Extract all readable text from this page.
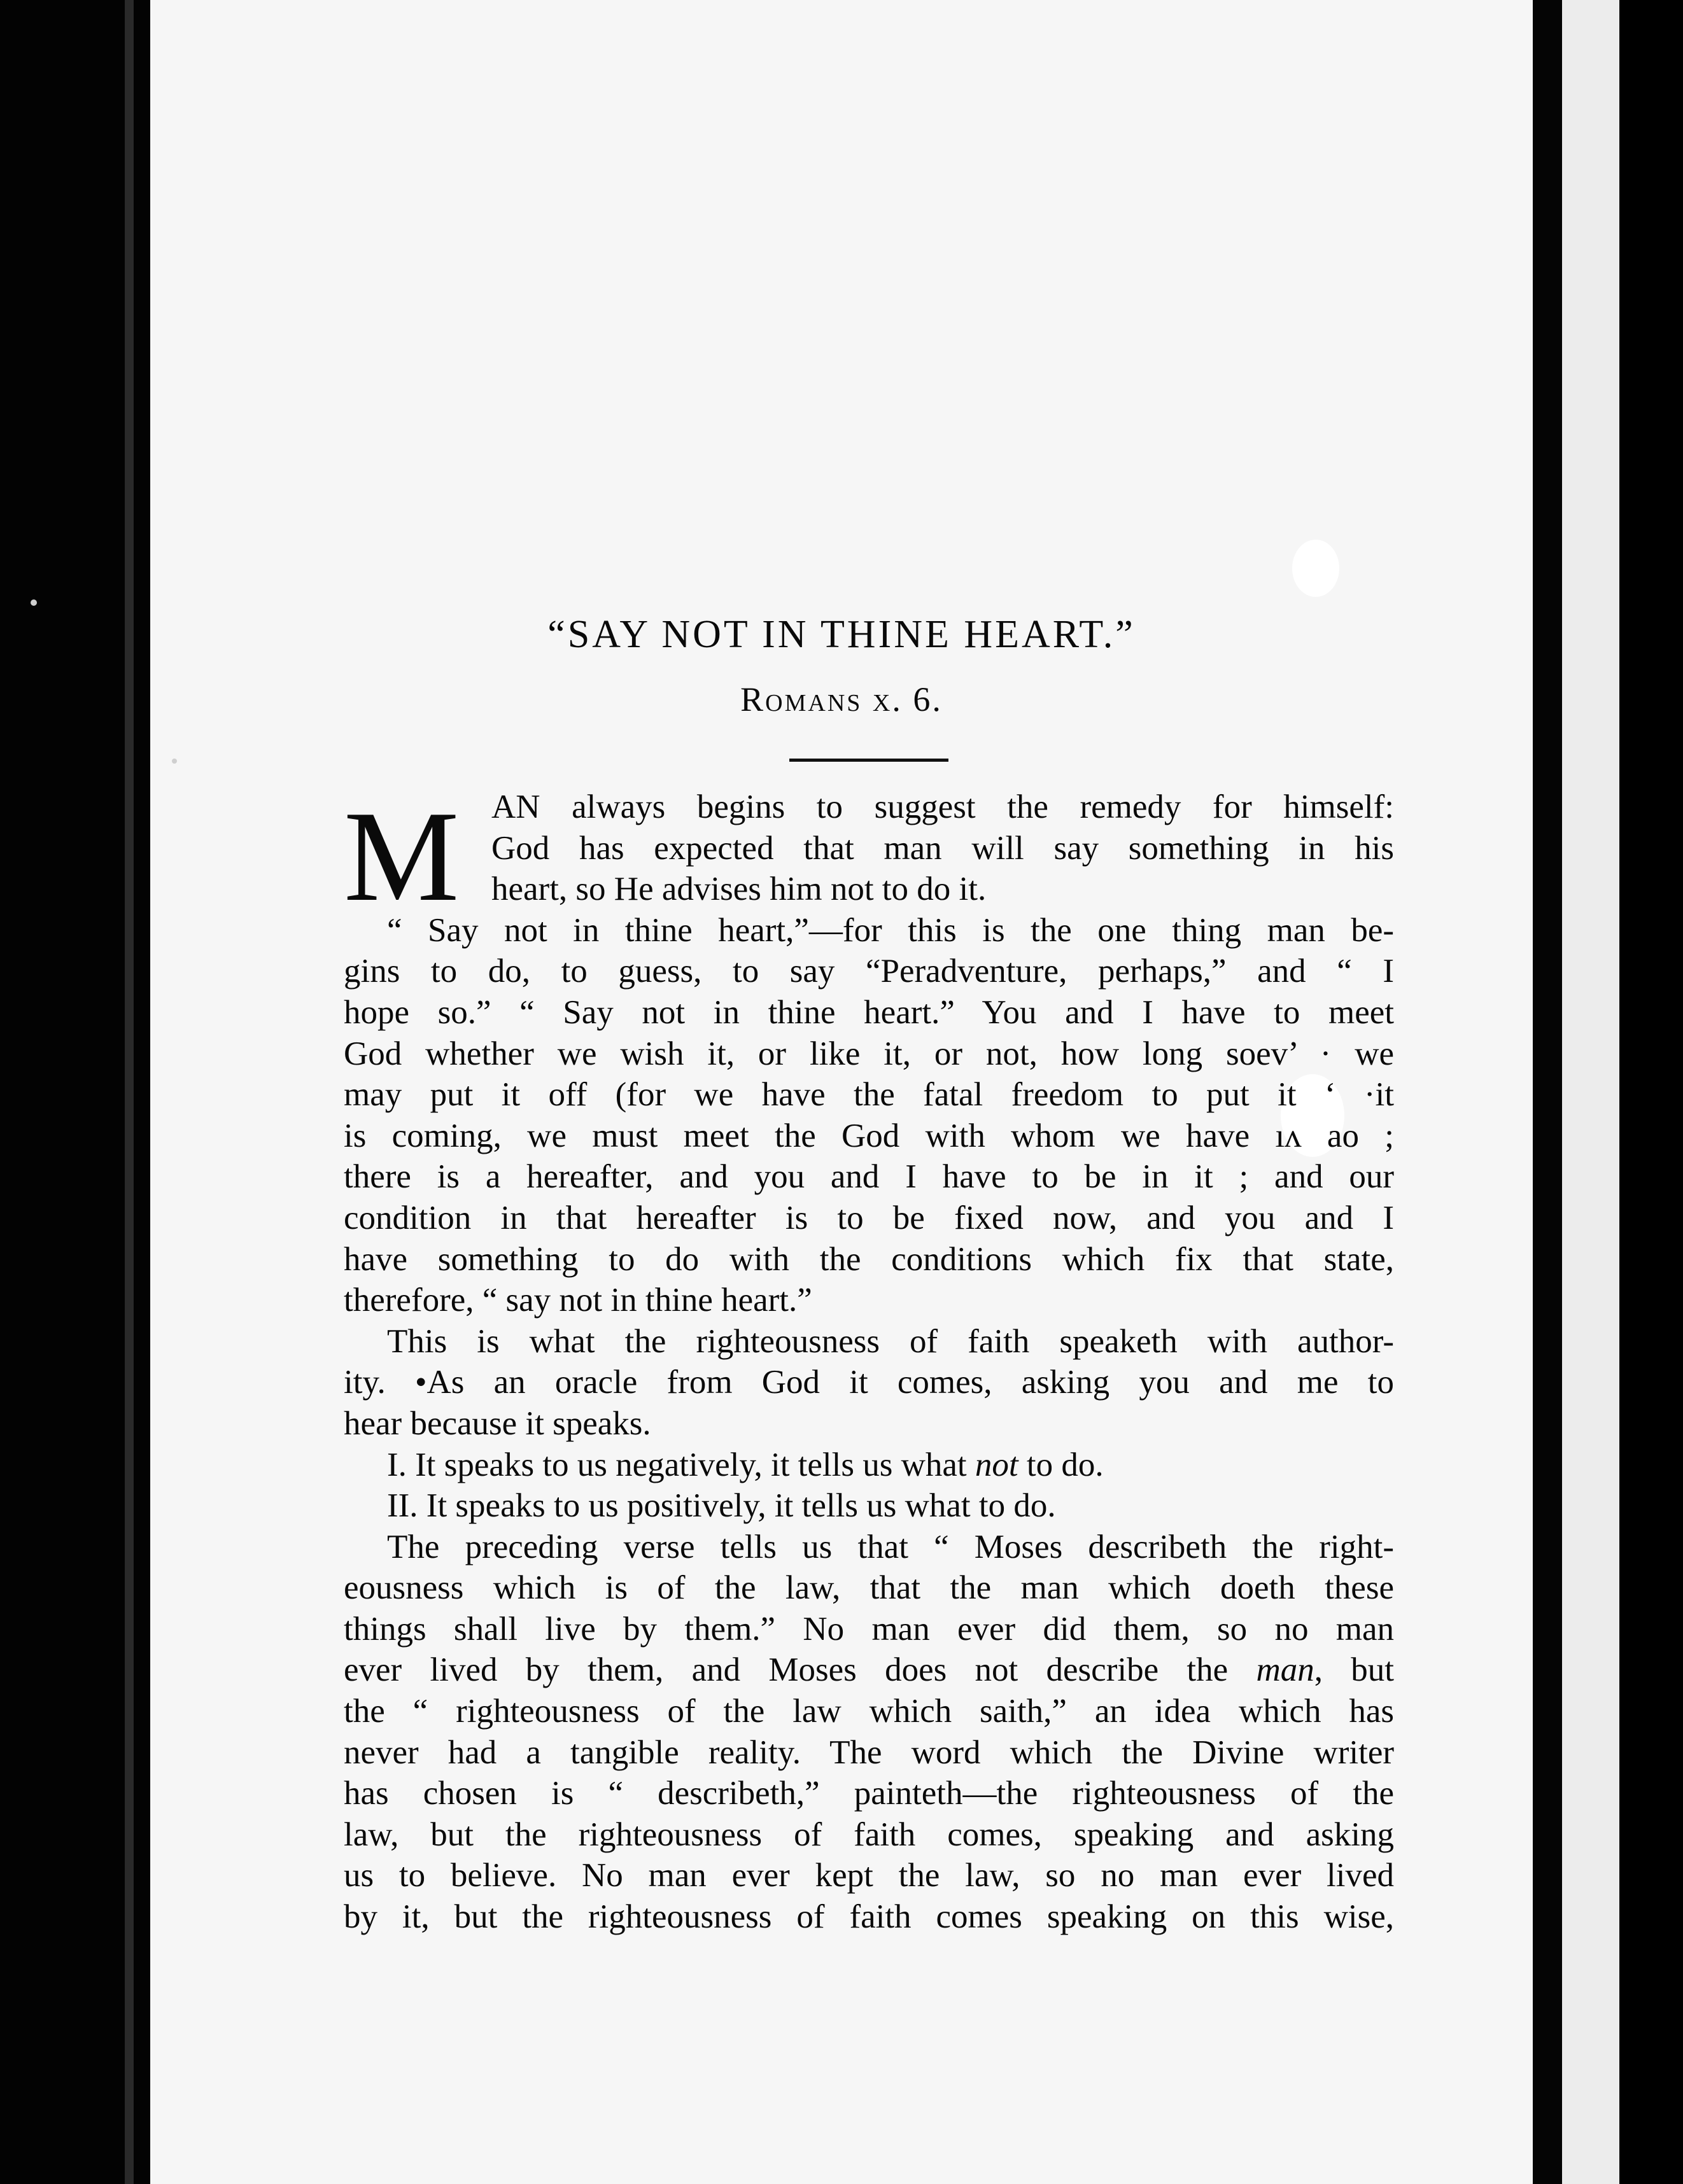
“SAY NOT IN THINE HEART.”
Romans x. 6.
M AN always begins to suggest the remedy for himself:
God has expected that man will say something in his
heart, so He advises him not to do it.
“ Say not in thine heart,”—for this is the one thing man be-
gins to do, to guess, to say “Peradventure, perhaps,” and “ I
hope so.” “ Say not in thine heart.” You and I have to meet
God whether we wish it, or like it, or not, how long soev’ · we
may put it off (for we have the fatal freedom to put it ‘ ·it
is coming, we must meet the God with whom we have ıʌ аo ;
there is a hereafter, and you and I have to be in it ; and our
condition in that hereafter is to be fixed now, and you and I
have something to do with the conditions which fix that state,
therefore, “ say not in thine heart.”
This is what the righteousness of faith speaketh with author-
ity. •As an oracle from God it comes, asking you and me to
hear because it speaks.
I. It speaks to us negatively, it tells us what not to do.
II. It speaks to us positively, it tells us what to do.
The preceding verse tells us that “ Moses describeth the right-
eousness which is of the law, that the man which doeth these
things shall live by them.” No man ever did them, so no man
ever lived by them, and Moses does not describe the man, but
the “ righteousness of the law which saith,” an idea which has
never had a tangible reality. The word which the Divine writer
has chosen is “ describeth,” painteth—the righteousness of the
law, but the righteousness of faith comes, speaking and asking
us to believe. No man ever kept the law, so no man ever lived
by it, but the righteousness of faith comes speaking on this wise,
